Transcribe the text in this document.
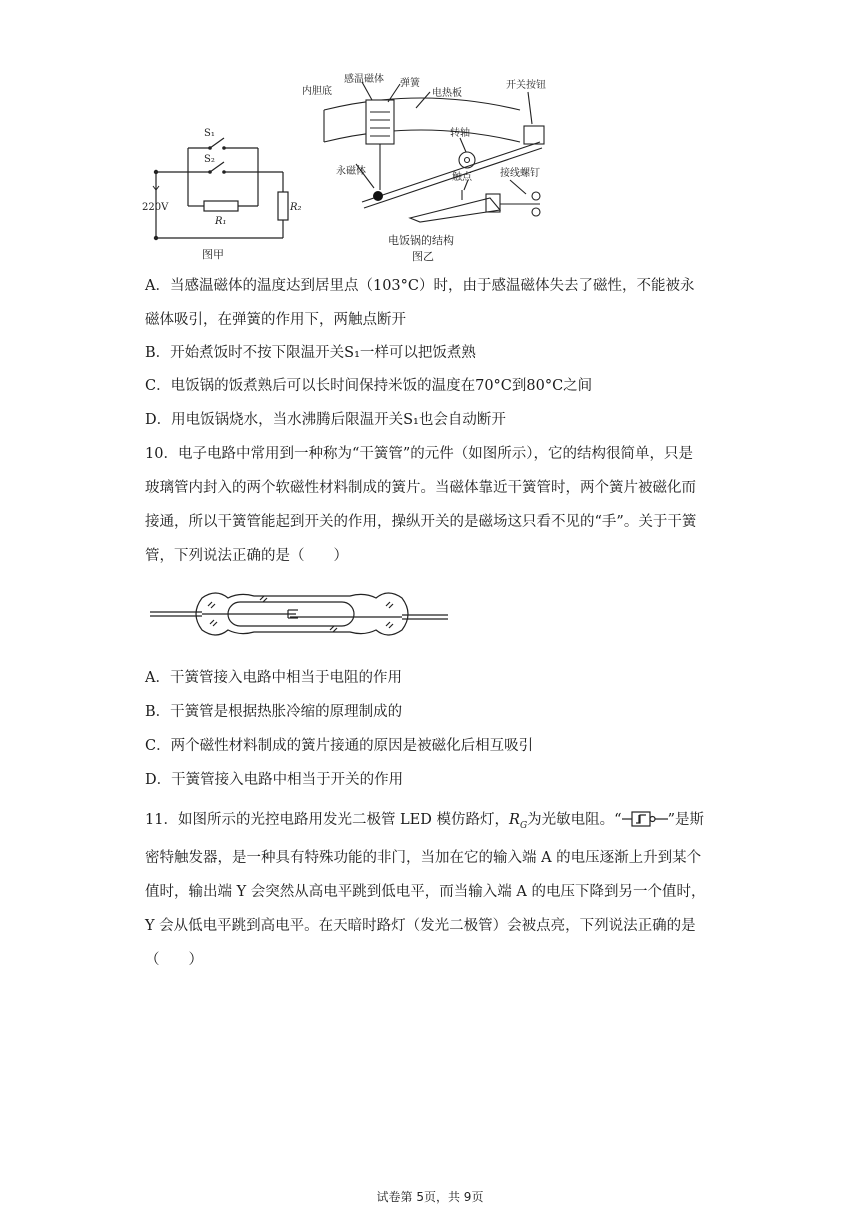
S₁
S₂
220V
R₁
R₂
图甲
内胆底
感温磁体 弹簧
电热板
开关按钮
转轴
永磁体
触点	接线螺钉
电饭锅的结构
图乙
A．当感温磁体的温度达到居里点（103°C）时，由于感温磁体失去了磁性，不能被永
磁体吸引，在弹簧的作用下，两触点断开
B．开始煮饭时不按下限温开关S₁一样可以把饭煮熟
C．电饭锅的饭煮熟后可以长时间保持米饭的温度在70°C到80°C之间
D．用电饭锅烧水，当水沸腾后限温开关S₁也会自动断开
10．电子电路中常用到一种称为“干簧管”的元件（如图所示），它的结构很简单，只是
玻璃管内封入的两个软磁性材料制成的簧片。当磁体靠近干簧管时，两个簧片被磁化而
接通，所以干簧管能起到开关的作用，操纵开关的是磁场这只看不见的“手”。关于干簧
管，下列说法正确的是（　　）
A．干簧管接入电路中相当于电阻的作用
B．干簧管是根据热胀冷缩的原理制成的
C．两个磁性材料制成的簧片接通的原因是被磁化后相互吸引
D．干簧管接入电路中相当于开关的作用
11．如图所示的光控电路用发光二极管 LED 模仿路灯，$R_G$为光敏电阻。“	”是斯
密特触发器，是一种具有特殊功能的非门，当加在它的输入端 A 的电压逐渐上升到某个
值时，输出端 Y 会突然从高电平跳到低电平，而当输入端 A 的电压下降到另一个值时，
Y 会从低电平跳到高电平。在天暗时路灯（发光二极管）会被点亮，下列说法正确的是
（　　）
试卷第 5页，共 9页
